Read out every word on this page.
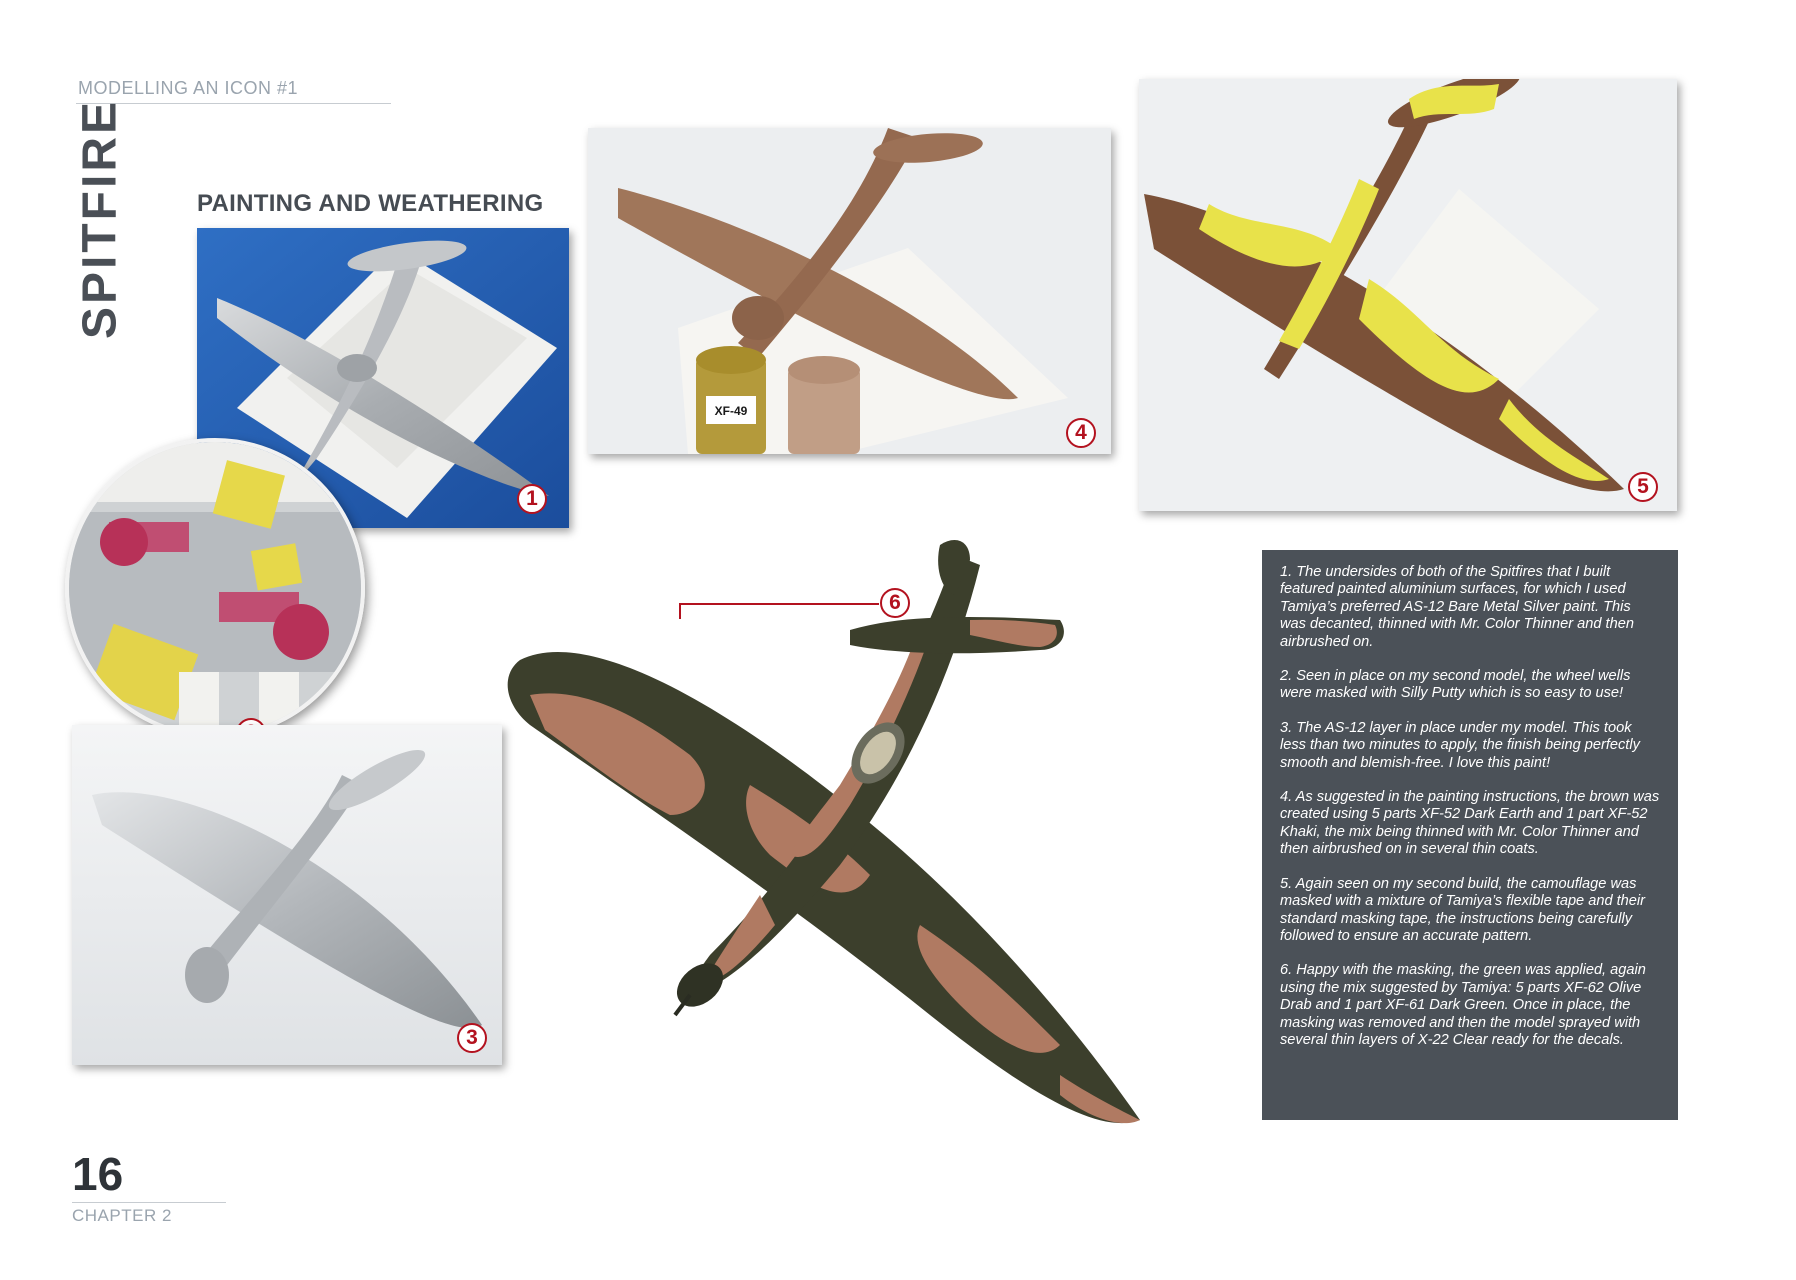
MODELLING AN ICON #1
SPITFIRE	PAINTING AND WEATHERING
1
3
XF-49
4
5
6

1. The undersides of both of the Spitfires that I built featured painted aluminium surfaces, for which I used Tamiya’s preferred AS-12 Bare Metal Silver paint. This was decanted, thinned with Mr. Color Thinner and then airbrushed on.

2. Seen in place on my second model, the wheel wells were masked with Silly Putty which is so easy to use!

3. The AS-12 layer in place under my model. This took less than two minutes to apply, the finish being perfectly smooth and blemish-free. I love this paint!

4. As suggested in the painting instructions, the brown was created using 5 parts XF-52 Dark Earth and 1 part XF-52 Khaki, the mix being thinned with Mr. Color Thinner and then airbrushed on in several thin coats.

5. Again seen on my second build, the camouflage was masked with a mixture of Tamiya’s flexible tape and their standard masking tape, the instructions being carefully followed to ensure an accurate pattern.

6. Happy with the masking, the green was applied, again using the mix suggested by Tamiya: 5 parts XF-62 Olive Drab and 1 part XF-61 Dark Green. Once in place, the masking was removed and then the model sprayed with several thin layers of X-22 Clear ready for the decals.

16
CHAPTER 2
